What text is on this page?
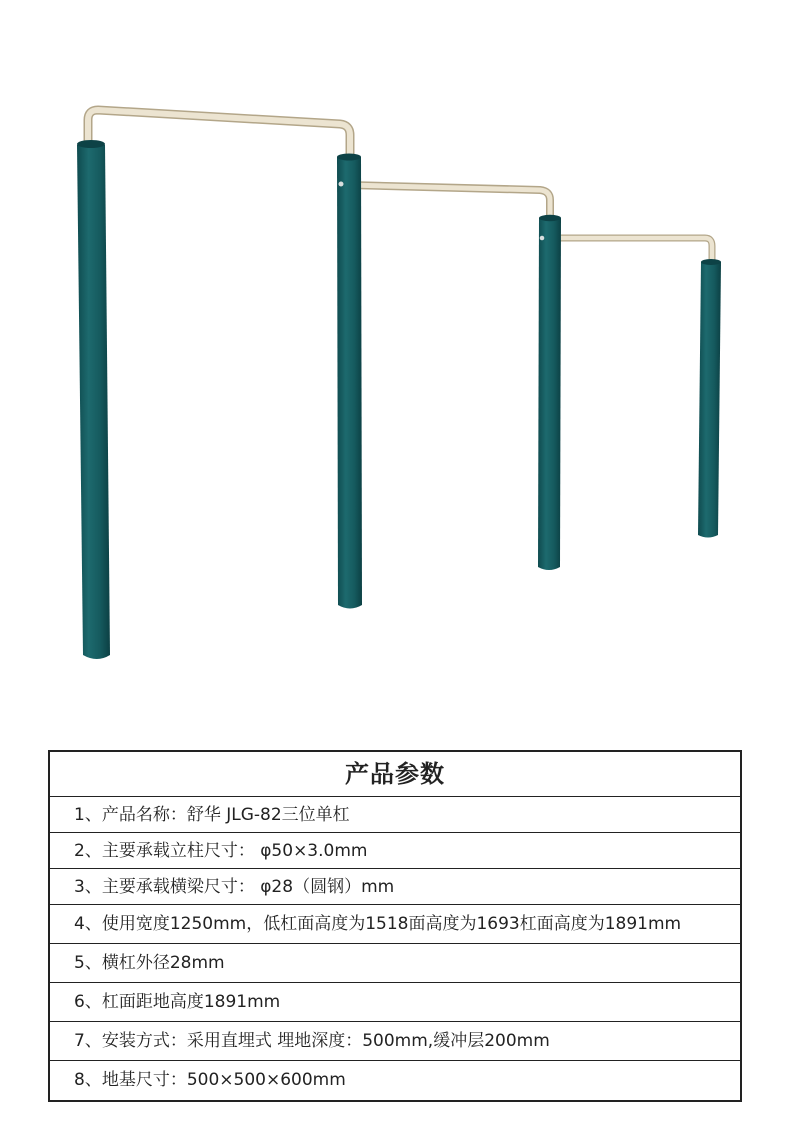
产品参数
1、产品名称：舒华 JLG-82三位单杠
2、主要承载立柱尺寸： φ50×3.0mm
3、主要承载横梁尺寸： φ28（圆钢）mm
4、使用宽度1250mm，低杠面高度为1518面高度为1693杠面高度为1891mm
5、横杠外径28mm
6、杠面距地高度1891mm
7、安装方式：采用直埋式 埋地深度：500mm,缓冲层200mm
8、地基尺寸：500×500×600mm
